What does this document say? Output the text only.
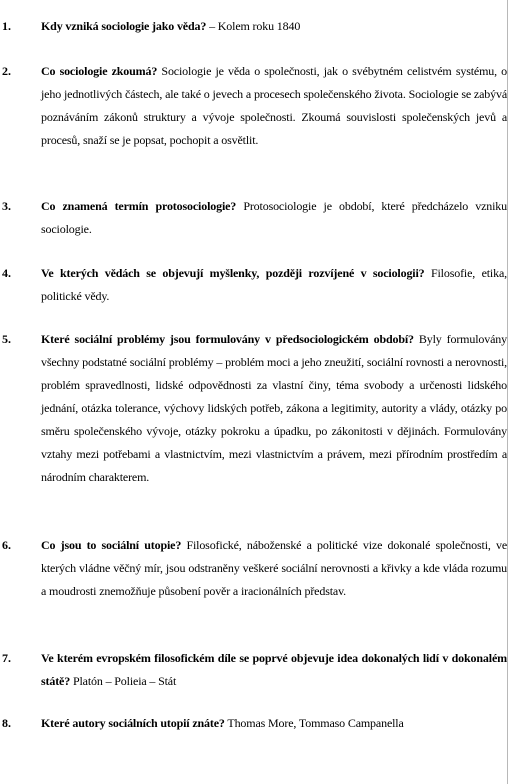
1.	Kdy vzniká sociologie jako věda? – Kolem roku 1840
2.	Co sociologie zkoumá? Sociologie je věda o společnosti, jak o svébytném celistvém systému, o jeho jednotlivých částech, ale také o jevech a procesech společenského života. Sociologie se zabývá poznáváním zákonů struktury a vývoje společnosti. Zkoumá souvislosti společenských jevů a procesů, snaží se je popsat, pochopit a osvětlit.
3.	Co znamená termín protosociologie? Protosociologie je období, které předcházelo vzniku sociologie.
4.	Ve kterých vědách se objevují myšlenky, později rozvíjené v sociologii? Filosofie, etika, politické vědy.
5.	Které sociální problémy jsou formulovány v předsociologickém období? Byly formulovány všechny podstatné sociální problémy – problém moci a jeho zneužití, sociální rovnosti a nerovnosti, problém spravedlnosti, lidské odpovědnosti za vlastní činy, téma svobody a určenosti lidského jednání, otázka tolerance, výchovy lidských potřeb, zákona a legitimity, autority a vlády, otázky po směru společenského vývoje, otázky pokroku a úpadku, po zákonitosti v dějinách. Formulovány vztahy mezi potřebami a vlastnictvím, mezi vlastnictvím a právem, mezi přírodním prostředím a národním charakterem.
6.	Co jsou to sociální utopie? Filosofické, náboženské a politické vize dokonalé společnosti, ve kterých vládne věčný mír, jsou odstraněny veškeré sociální nerovnosti a křivky a kde vláda rozumu a moudrosti znemožňuje působení pověr a iracionálních představ.
7.	Ve kterém evropském filosofickém díle se poprvé objevuje idea dokonalých lidí v dokonalém státě? Platón – Polieia – Stát
8.	Které autory sociálních utopií znáte? Thomas More, Tommaso Campanella
